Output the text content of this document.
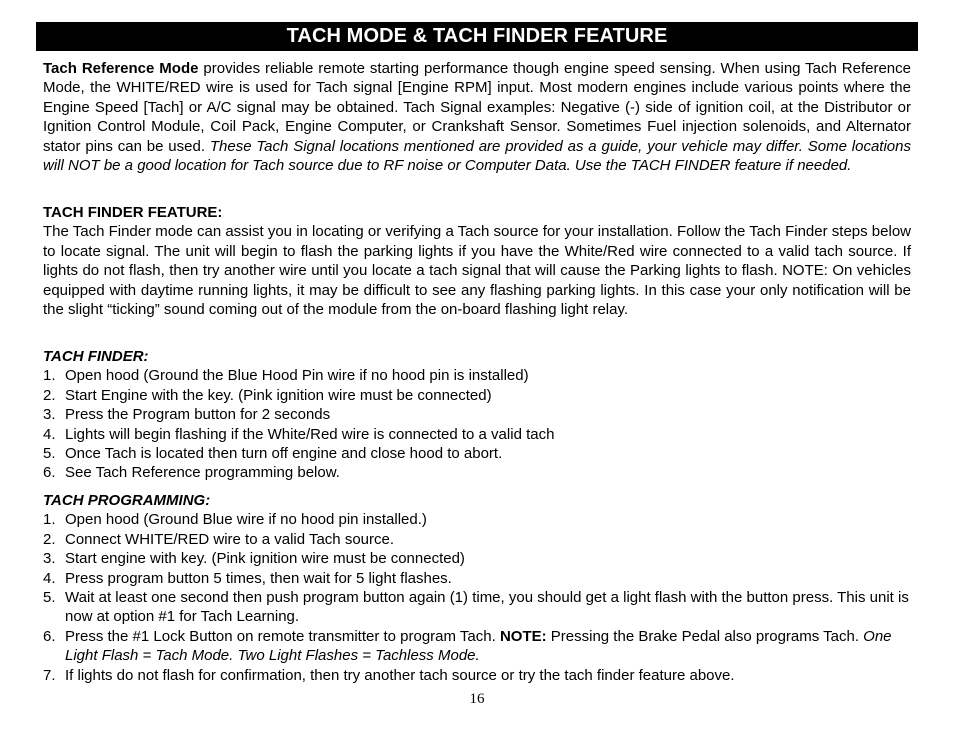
TACH MODE & TACH FINDER FEATURE
Tach Reference Mode provides reliable remote starting performance though engine speed sensing. When using Tach Reference Mode, the WHITE/RED wire is used for Tach signal [Engine RPM] input. Most modern engines include various points where the Engine Speed [Tach] or A/C signal may be obtained. Tach Signal examples: Negative (-) side of ignition coil, at the Distributor or Ignition Control Module, Coil Pack, Engine Computer, or Crankshaft Sensor. Sometimes Fuel injection solenoids, and Alternator stator pins can be used. These Tach Signal locations mentioned are provided as a guide, your vehicle may differ. Some locations will NOT be a good location for Tach source due to RF noise or Computer Data. Use the TACH FINDER feature if needed.

TACH FINDER FEATURE:

The Tach Finder mode can assist you in locating or verifying a Tach source for your installation. Follow the Tach Finder steps below to locate signal. The unit will begin to flash the parking lights if you have the White/Red wire connected to a valid tach source. If lights do not flash, then try another wire until you locate a tach signal that will cause the Parking lights to flash. NOTE: On vehicles equipped with daytime running lights, it may be difficult to see any flashing parking lights. In this case your only notification will be the slight “ticking” sound coming out of the module from the on-board flashing light relay.

TACH FINDER:

1. Open hood (Ground the Blue Hood Pin wire if no hood pin is installed)
2. Start Engine with the key. (Pink ignition wire must be connected)
3. Press the Program button for 2 seconds
4. Lights will begin flashing if the White/Red wire is connected to a valid tach
5. Once Tach is located then turn off engine and close hood to abort.
6. See Tach Reference programming below.

TACH PROGRAMMING:

1. Open hood (Ground Blue wire if no hood pin installed.)
2. Connect WHITE/RED wire to a valid Tach source.
3. Start engine with key. (Pink ignition wire must be connected)
4. Press program button 5 times, then wait for 5 light flashes.
5. Wait at least one second then push program button again (1) time, you should get a light flash with the button press. This unit is now at option #1 for Tach Learning.
6. Press the #1 Lock Button on remote transmitter to program Tach. NOTE: Pressing the Brake Pedal also programs Tach. One Light Flash = Tach Mode. Two Light Flashes = Tachless Mode.
7. If lights do not flash for confirmation, then try another tach source or try the tach finder feature above.
16
